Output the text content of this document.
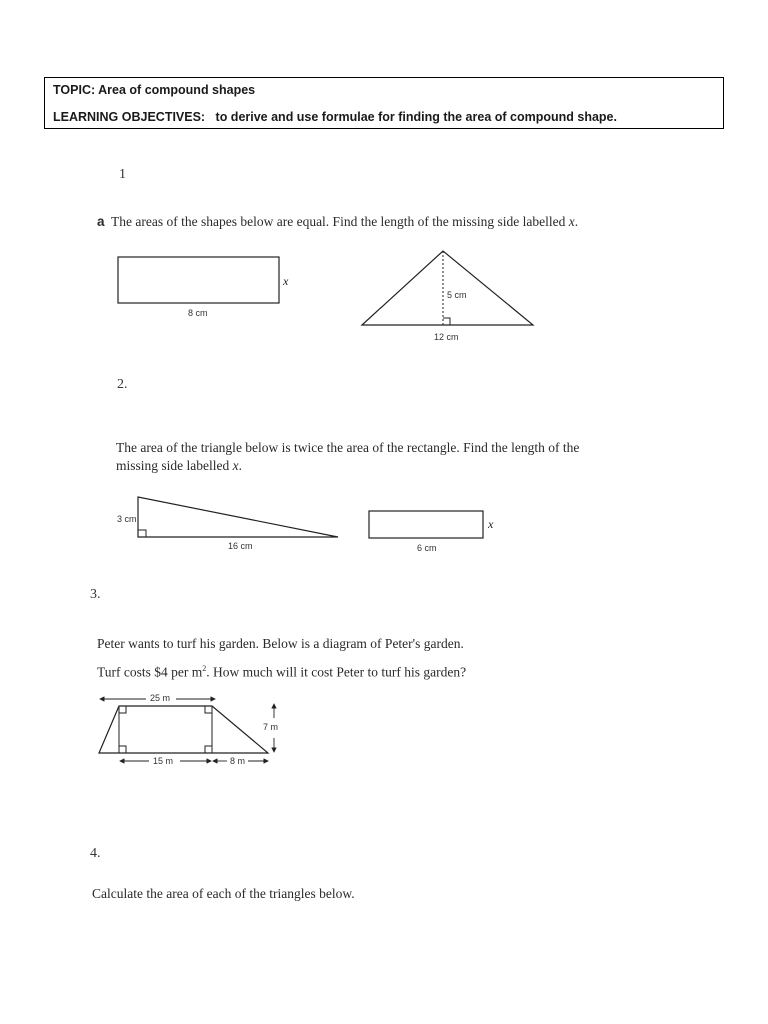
TOPIC: Area of compound shapes
LEARNING OBJECTIVES: to derive and use formulae for finding the area of compound shape.
1
a The areas of the shapes below are equal. Find the length of the missing side labelled x.
8 cm
x
5 cm
12 cm
2.
The area of the triangle below is twice the area of the rectangle. Find the length of the
missing side labelled x.
3 cm
16 cm	6 cm
x
3.
Peter wants to turf his garden. Below is a diagram of Peter's garden.
Turf costs $4 per $m^2$. How much will it cost Peter to turf his garden?
25 m
7 m
15 m	8 m
4.
Calculate the area of each of the triangles below.
